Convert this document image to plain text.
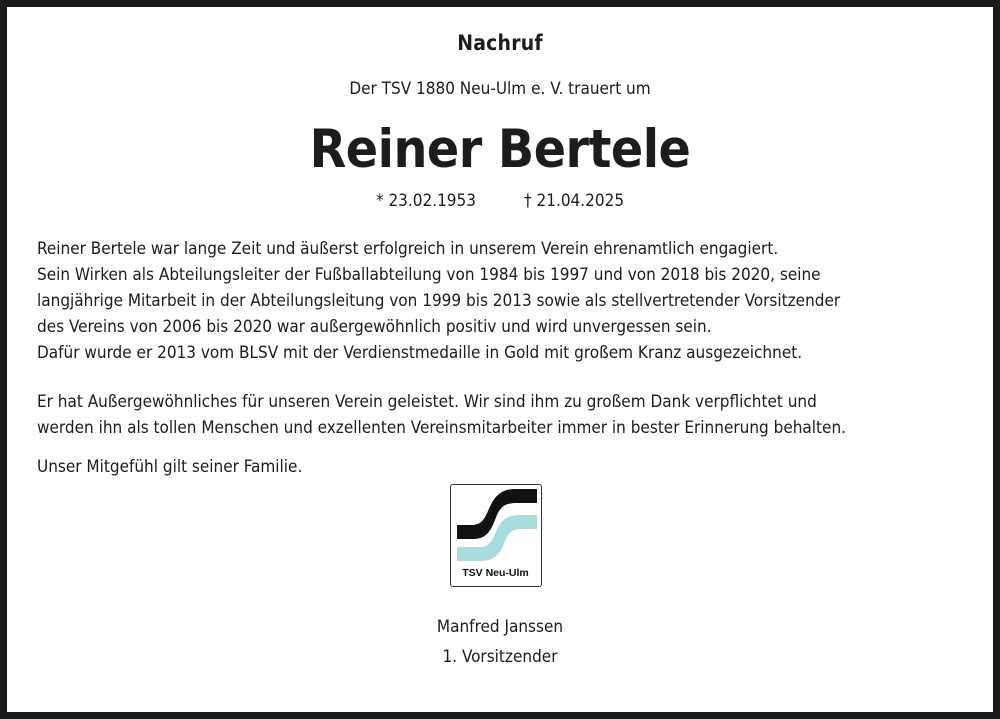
Nachruf
Der TSV 1880 Neu-Ulm e. V. trauert um
Reiner Bertele
* 23.02.1953	† 21.04.2025
Reiner Bertele war lange Zeit und äußerst erfolgreich in unserem Verein ehrenamtlich engagiert.
Sein Wirken als Abteilungsleiter der Fußballabteilung von 1984 bis 1997 und von 2018 bis 2020, seine
langjährige Mitarbeit in der Abteilungsleitung von 1999 bis 2013 sowie als stellvertretender Vorsitzender
des Vereins von 2006 bis 2020 war außergewöhnlich positiv und wird unvergessen sein.
Dafür wurde er 2013 vom BLSV mit der Verdienstmedaille in Gold mit großem Kranz ausgezeichnet.
Er hat Außergewöhnliches für unseren Verein geleistet. Wir sind ihm zu großem Dank verpflichtet und
werden ihn als tollen Menschen und exzellenten Vereinsmitarbeiter immer in bester Erinnerung behalten.
Unser Mitgefühl gilt seiner Familie.
TSV Neu-Ulm
Manfred Janssen
1. Vorsitzender
